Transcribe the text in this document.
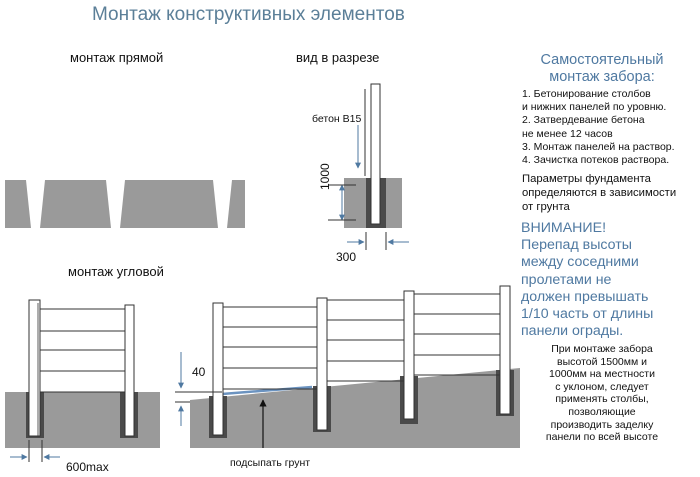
Монтаж конструктивных элементов
монтаж прямой	вид в разрезе
монтаж угловой
бетон В15
1000
300
600max
40
подсыпать грунт
Самостоятельный
монтаж забора:
1. Бетонирование столбов
и нижних панелей по уровню.
2. Затвердевание бетона
не менее 12 часов
3. Монтаж панелей на раствор.
4. Зачистка потеков раствора.
Параметры фундамента
определяются в зависимости
от грунта
ВНИМАНИЕ!
Перепад высоты
между соседними
пролетами не
должен превышать
1/10 часть от длины
панели ограды.
При монтаже забора
высотой 1500мм и
1000мм на местности
с уклоном, следует
применять столбы,
позволяющие
производить заделку
панели по всей высоте
